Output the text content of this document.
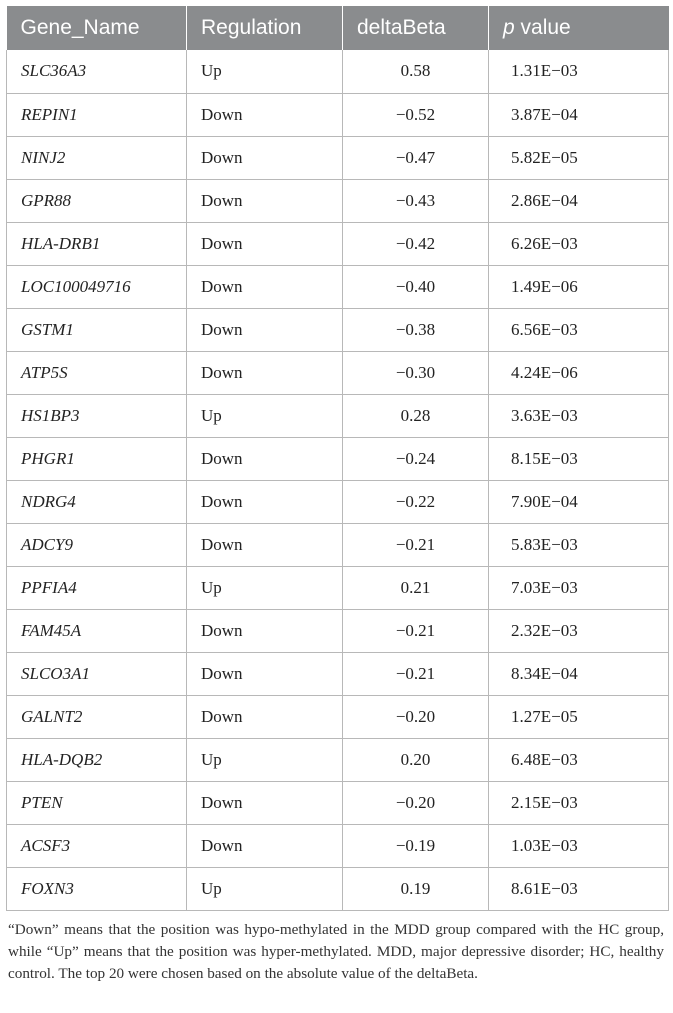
Gene_Name	Regulation	deltaBeta	p value
SLC36A3	Up	0.58	1.31E−03
REPIN1	Down	−0.52	3.87E−04
NINJ2	Down	−0.47	5.82E−05
GPR88	Down	−0.43	2.86E−04
HLA-DRB1	Down	−0.42	6.26E−03
LOC100049716	Down	−0.40	1.49E−06
GSTM1	Down	−0.38	6.56E−03
ATP5S	Down	−0.30	4.24E−06
HS1BP3	Up	0.28	3.63E−03
PHGR1	Down	−0.24	8.15E−03
NDRG4	Down	−0.22	7.90E−04
ADCY9	Down	−0.21	5.83E−03
PPFIA4	Up	0.21	7.03E−03
FAM45A	Down	−0.21	2.32E−03
SLCO3A1	Down	−0.21	8.34E−04
GALNT2	Down	−0.20	1.27E−05
HLA-DQB2	Up	0.20	6.48E−03
PTEN	Down	−0.20	2.15E−03
ACSF3	Down	−0.19	1.03E−03
FOXN3	Up	0.19	8.61E−03
“Down” means that the position was hypo-methylated in the MDD group compared with the HC group, while “Up” means that the position was hyper-methylated. MDD, major depressive disorder; HC, healthy control. The top 20 were chosen based on the absolute value of the deltaBeta.
